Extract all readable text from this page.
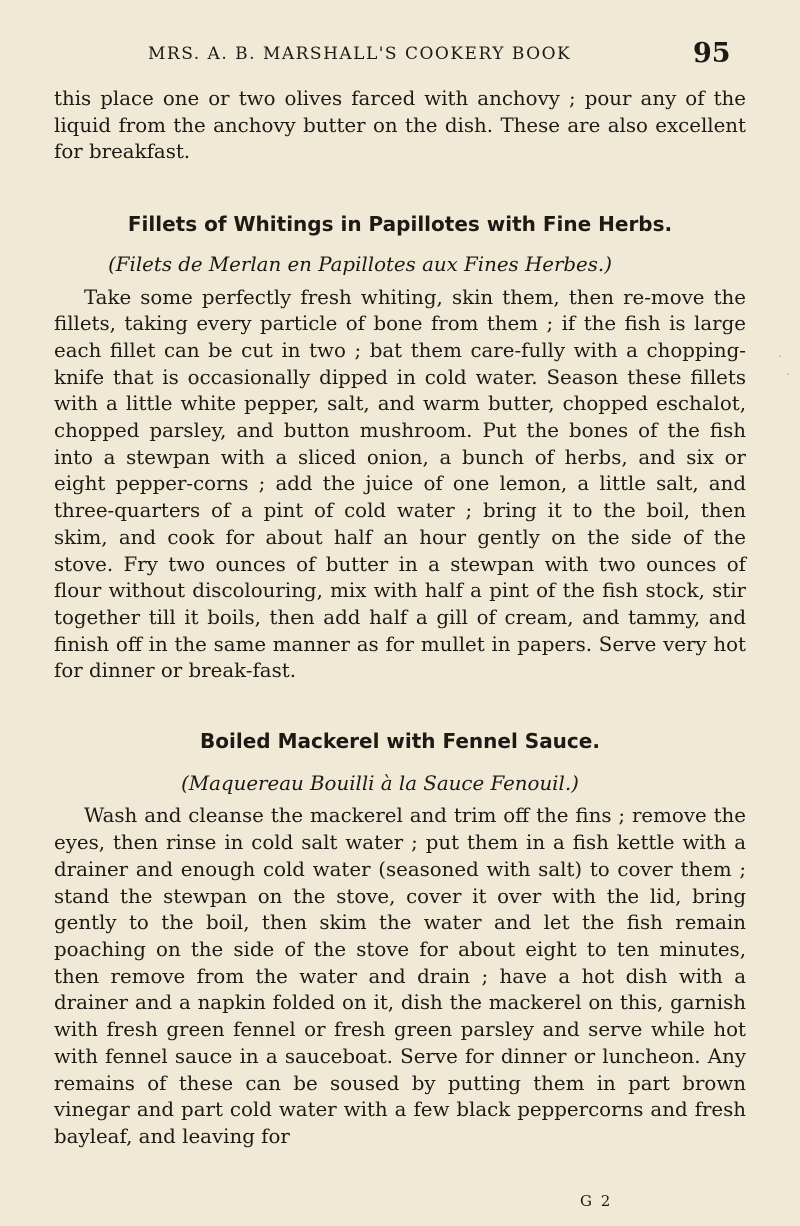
MRS. A. B. MARSHALL'S COOKERY BOOK	95

this place one or two olives farced with anchovy ; pour any of the liquid from the anchovy butter on the dish. These are also excellent for breakfast.

Fillets of Whitings in Papillotes with Fine Herbs.

(Filets de Merlan en Papillotes aux Fines Herbes.)

Take some perfectly fresh whiting, skin them, then re-move the fillets, taking every particle of bone from them ; if the fish is large each fillet can be cut in two ; bat them care-fully with a chopping-knife that is occasionally dipped in cold water. Season these fillets with a little white pepper, salt, and warm butter, chopped eschalot, chopped parsley, and button mushroom. Put the bones of the fish into a stewpan with a sliced onion, a bunch of herbs, and six or eight pepper-corns ; add the juice of one lemon, a little salt, and three-quarters of a pint of cold water ; bring it to the boil, then skim, and cook for about half an hour gently on the side of the stove. Fry two ounces of butter in a stewpan with two ounces of flour without discolouring, mix with half a pint of the fish stock, stir together till it boils, then add half a gill of cream, and tammy, and finish off in the same manner as for mullet in papers. Serve very hot for dinner or break-fast.

Boiled Mackerel with Fennel Sauce.

(Maquereau Bouilli à la Sauce Fenouil.)

Wash and cleanse the mackerel and trim off the fins ; remove the eyes, then rinse in cold salt water ; put them in a fish kettle with a drainer and enough cold water (seasoned with salt) to cover them ; stand the stewpan on the stove, cover it over with the lid, bring gently to the boil, then skim the water and let the fish remain poaching on the side of the stove for about eight to ten minutes, then remove from the water and drain ; have a hot dish with a drainer and a napkin folded on it, dish the mackerel on this, garnish with fresh green fennel or fresh green parsley and serve while hot with fennel sauce in a sauceboat. Serve for dinner or luncheon. Any remains of these can be soused by putting them in part brown vinegar and part cold water with a few black peppercorns and fresh bayleaf, and leaving for

G 2
·
·
